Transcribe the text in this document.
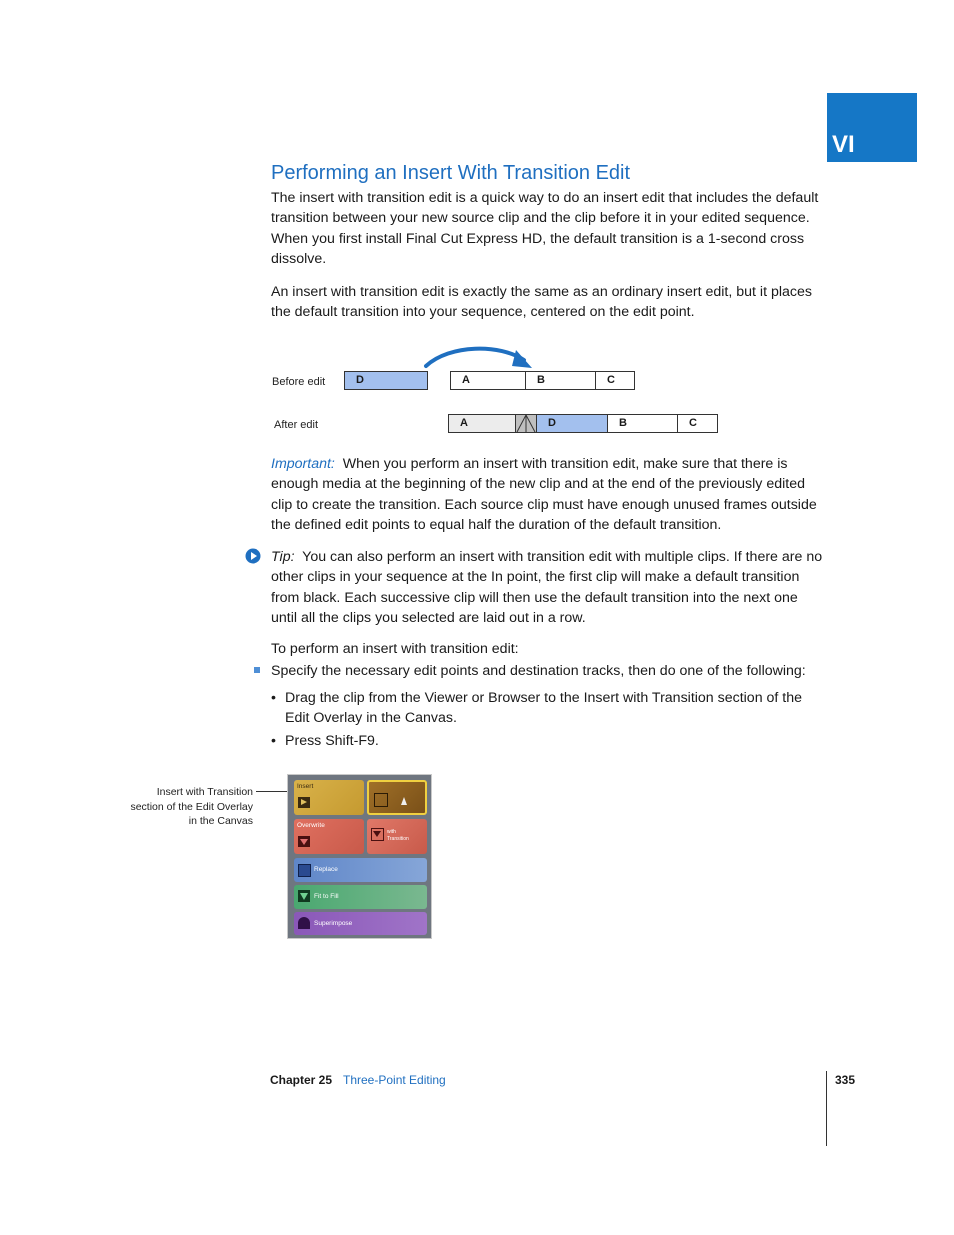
VI
Performing an Insert With Transition Edit

The insert with transition edit is a quick way to do an insert edit that includes the default transition between your new source clip and the clip before it in your edited sequence. When you first install Final Cut Express HD, the default transition is a 1-second cross dissolve.

An insert with transition edit is exactly the same as an ordinary insert edit, but it places the default transition into your sequence, centered on the edit point.

Before edit	D	A	B	C
After edit	A	D	B	C

Important: When you perform an insert with transition edit, make sure that there is enough media at the beginning of the new clip and at the end of the previously edited clip to create the transition. Each source clip must have enough unused frames outside the defined edit points to equal half the duration of the default transition.

Tip: You can also perform an insert with transition edit with multiple clips. If there are no other clips in your sequence at the In point, the first clip will make a default transition from black. Each successive clip will then use the default transition into the next one until all the clips you selected are laid out in a row.

To perform an insert with transition edit:
Specify the necessary edit points and destination tracks, then do one of the following:
• Drag the clip from the Viewer or Browser to the Insert with Transition section of the Edit Overlay in the Canvas.
• Press Shift-F9.
Insert with Transition section of the Edit Overlay in the Canvas
Insert
Overwrite
with
Transition
Replace
Fit to Fill
Superimpose
Chapter 25 Three-Point Editing	335
